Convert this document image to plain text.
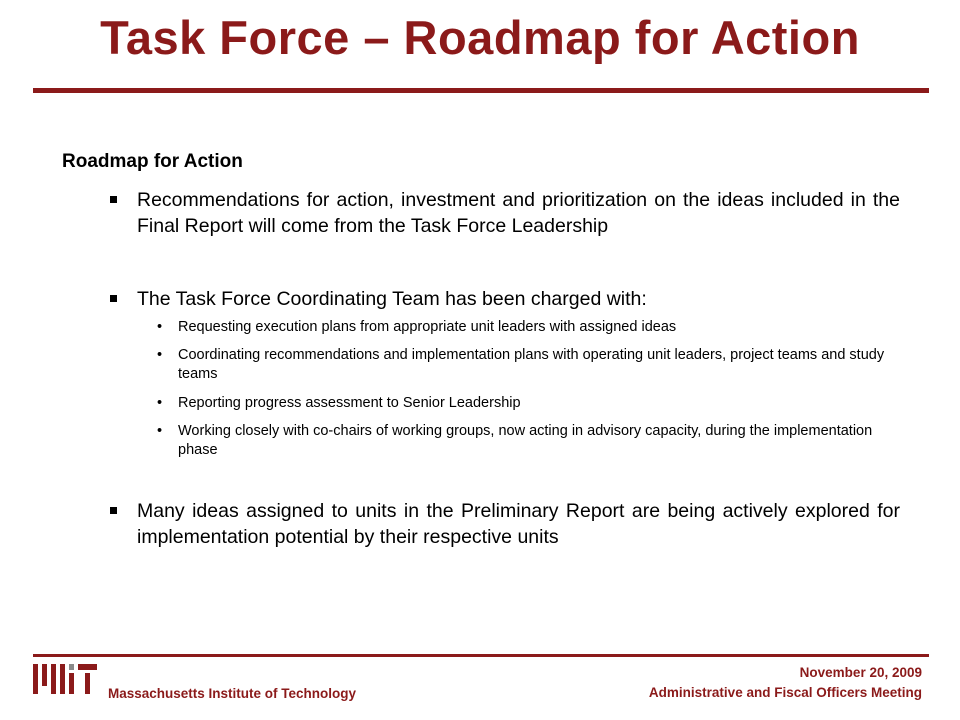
Task Force – Roadmap for Action
Roadmap for Action
Recommendations for action, investment and prioritization on the ideas included in the Final Report will come from the Task Force Leadership
The Task Force Coordinating Team has been charged with:
• Requesting execution plans from appropriate unit leaders with assigned ideas
• Coordinating recommendations and implementation plans with operating unit leaders, project teams and study teams
• Reporting progress assessment to Senior Leadership
• Working closely with co-chairs of working groups, now acting in advisory capacity, during the implementation phase
Many ideas assigned to units in the Preliminary Report are being actively explored for implementation potential by their respective units
Massachusetts Institute of Technology
November 20, 2009
Administrative and Fiscal Officers Meeting
